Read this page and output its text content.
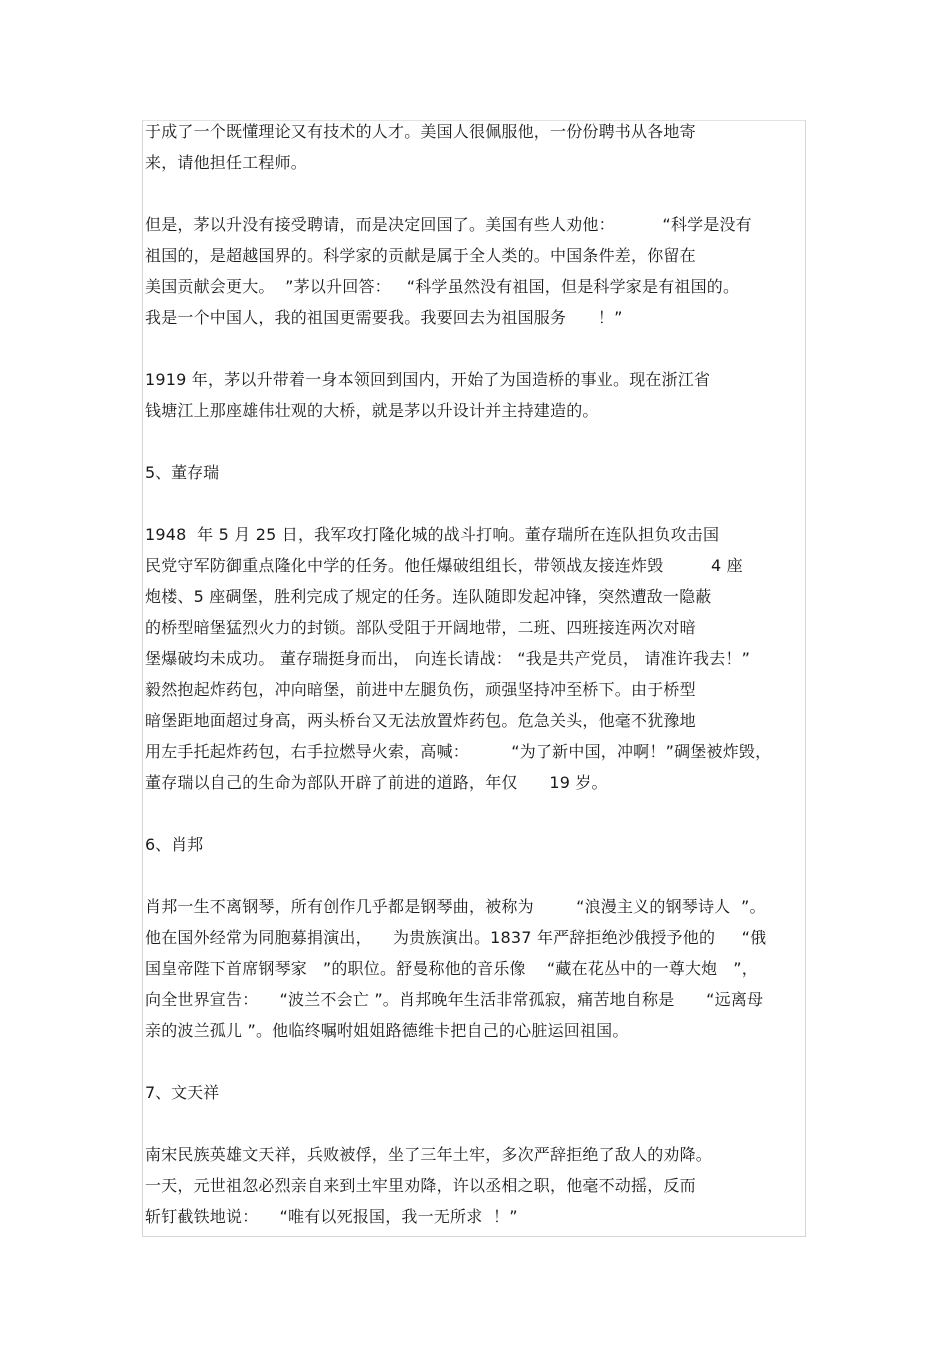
于成了一个既懂理论又有技术的人才。美国人很佩服他，一份份聘书从各地寄
来，请他担任工程师。
但是，茅以升没有接受聘请，而是决定回国了。美国有些人劝他：         “科学是没有
祖国的，是超越国界的。科学家的贡献是属于全人类的。中国条件差，你留在
美国贡献会更大。  ”茅以升回答：   “科学虽然没有祖国，但是科学家是有祖国的。
我是一个中国人，我的祖国更需要我。我要回去为祖国服务      ！”
1919 年，茅以升带着一身本领回到国内，开始了为国造桥的事业。现在浙江省
钱塘江上那座雄伟壮观的大桥，就是茅以升设计并主持建造的。
5、董存瑞
1948  年 5 月 25 日，我军攻打隆化城的战斗打响。董存瑞所在连队担负攻击国
民党守军防御重点隆化中学的任务。他任爆破组组长，带领战友接连炸毁         4 座
炮楼、5 座碉堡，胜利完成了规定的任务。连队随即发起冲锋，突然遭敌一隐蔽
的桥型暗堡猛烈火力的封锁。部队受阻于开阔地带，二班、四班接连两次对暗
堡爆破均未成功。 董存瑞挺身而出， 向连长请战： “我是共产党员， 请准许我去！”
毅然抱起炸药包，冲向暗堡，前进中左腿负伤，顽强坚持冲至桥下。由于桥型
暗堡距地面超过身高，两头桥台又无法放置炸药包。危急关头，他毫不犹豫地
用左手托起炸药包，右手拉燃导火索，高喊：        “为了新中国，冲啊！”碉堡被炸毁，
董存瑞以自己的生命为部队开辟了前进的道路，年仅      19 岁。
6、肖邦
肖邦一生不离钢琴，所有创作几乎都是钢琴曲，被称为        “浪漫主义的钢琴诗人  ”。
他在国外经常为同胞募捐演出，    为贵族演出。1837 年严辞拒绝沙俄授予他的     “俄
国皇帝陛下首席钢琴家   ”的职位。舒曼称他的音乐像    “藏在花丛中的一尊大炮   ”，
向全世界宣告：    “波兰不会亡 ”。肖邦晚年生活非常孤寂，痛苦地自称是      “远离母
亲的波兰孤儿 ”。他临终嘱咐姐姐路德维卡把自己的心脏运回祖国。
7、文天祥
南宋民族英雄文天祥，兵败被俘，坐了三年土牢，多次严辞拒绝了敌人的劝降。
一天，元世祖忽必烈亲自来到土牢里劝降，许以丞相之职，他毫不动摇，反而
斩钉截铁地说：    “唯有以死报国，我一无所求  ！”
